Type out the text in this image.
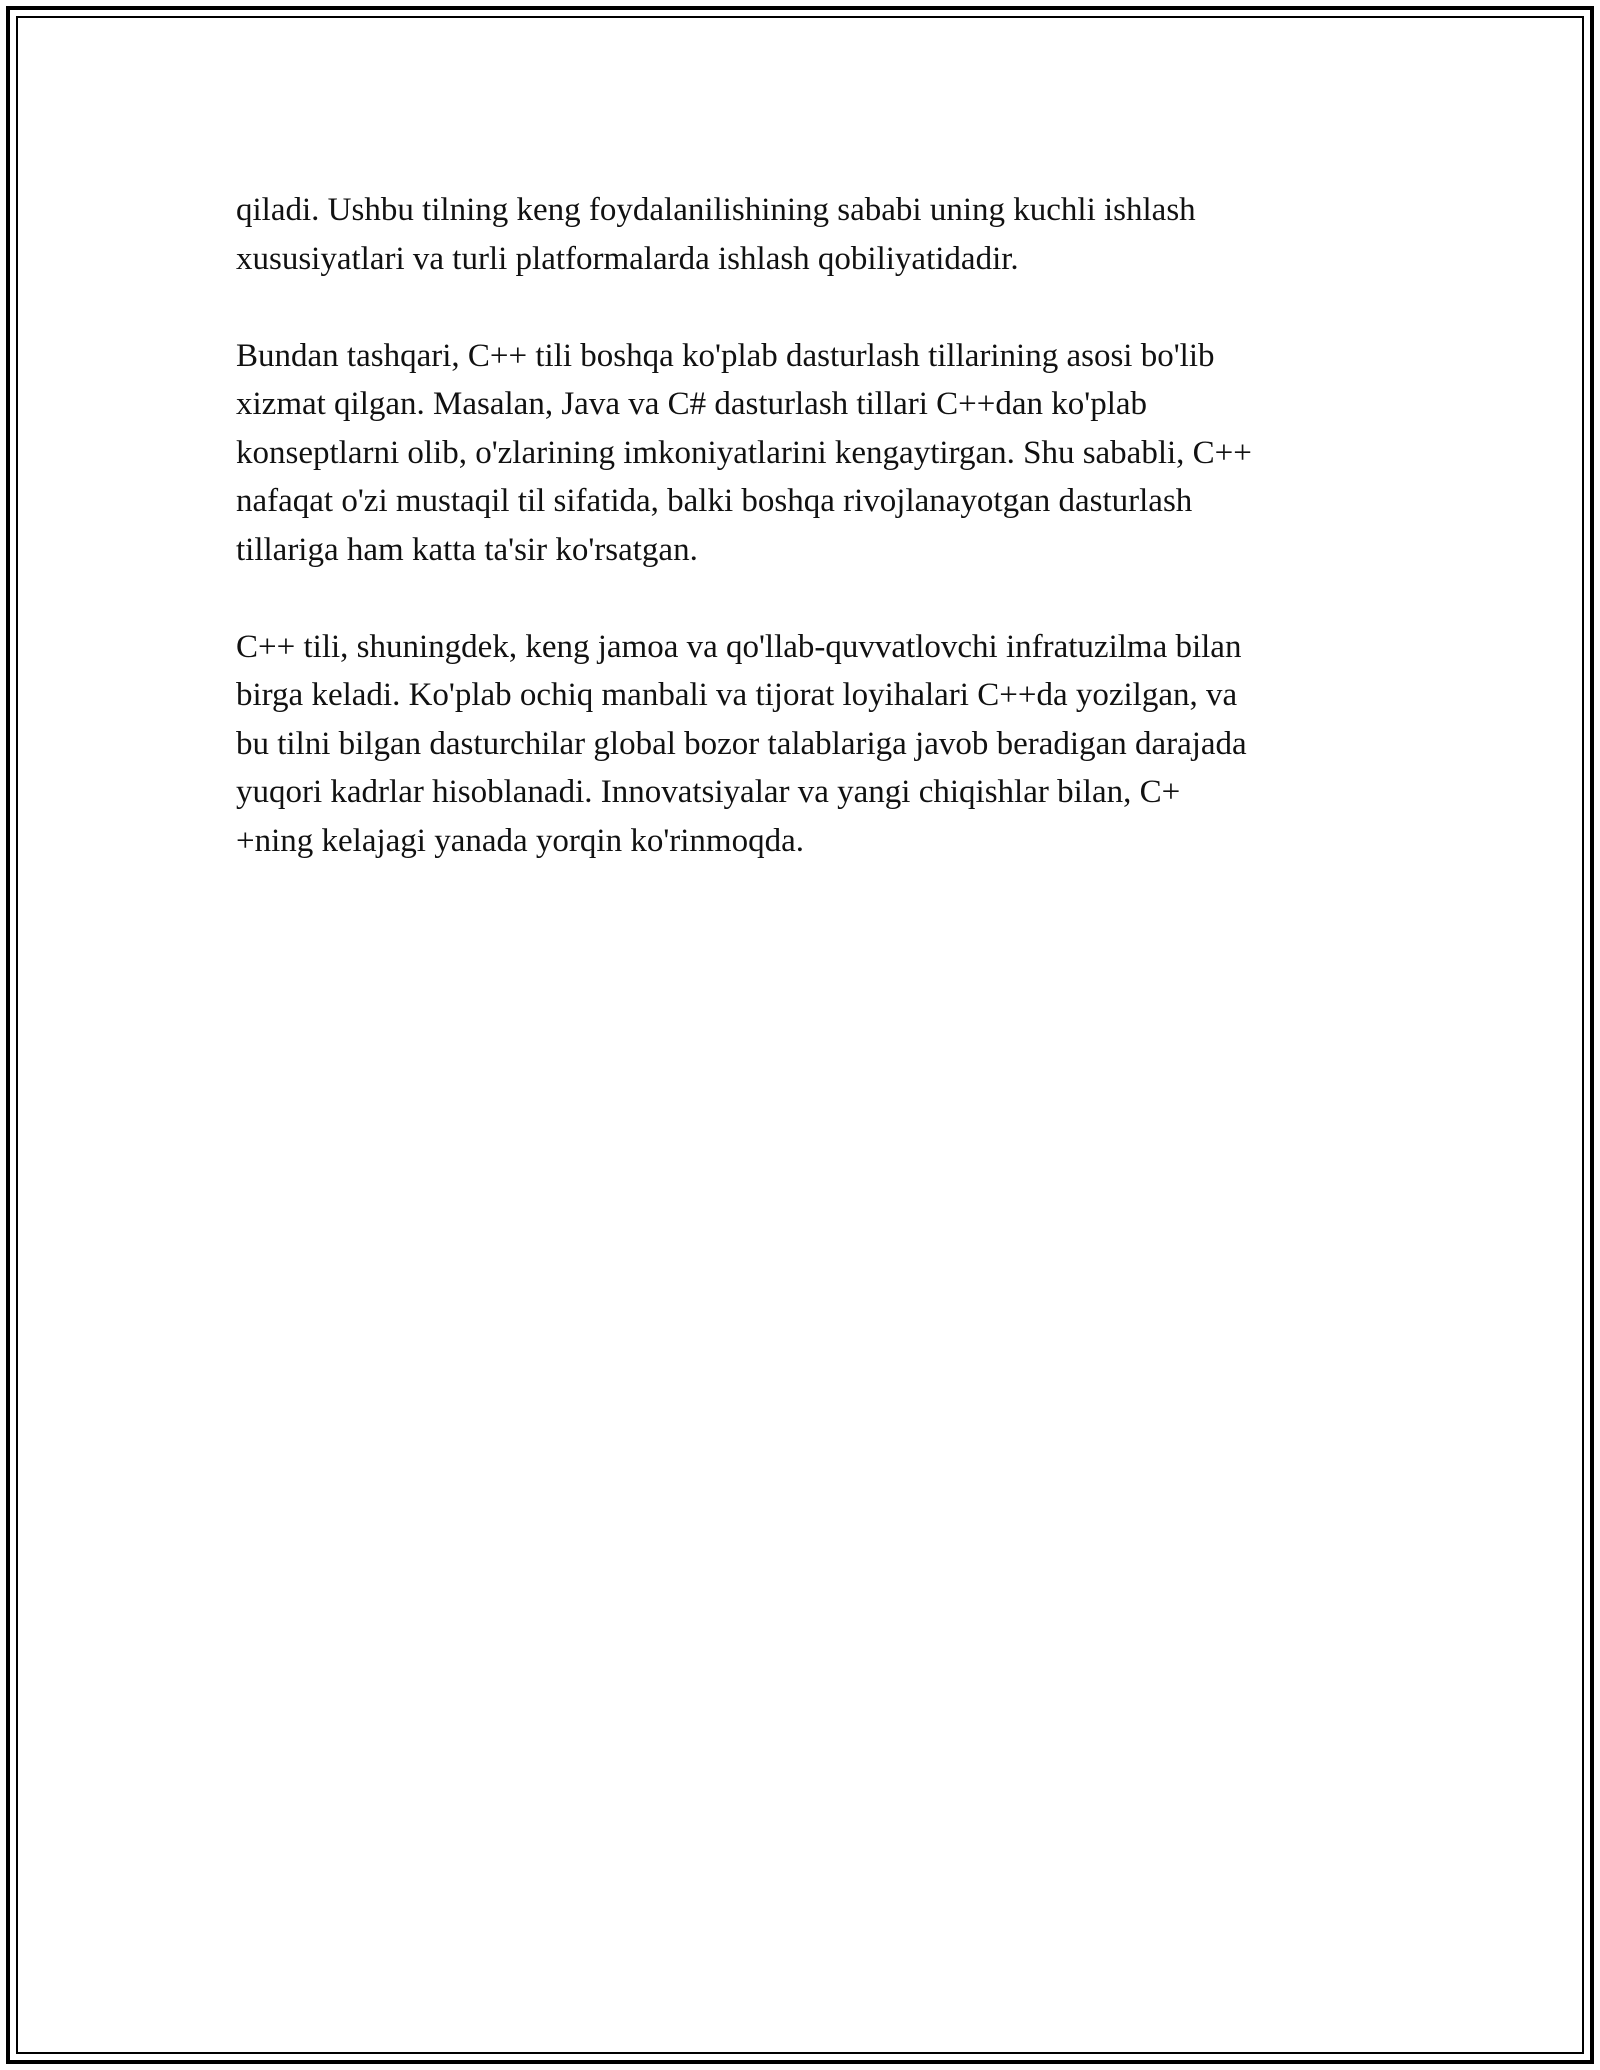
qiladi. Ushbu tilning keng foydalanilishining sababi uning kuchli ishlash
xususiyatlari va turli platformalarda ishlash qobiliyatidadir.

Bundan tashqari, C++ tili boshqa ko'plab dasturlash tillarining asosi bo'lib
xizmat qilgan. Masalan, Java va C# dasturlash tillari C++dan ko'plab
konseptlarni olib, o'zlarining imkoniyatlarini kengaytirgan. Shu sababli, C++
nafaqat o'zi mustaqil til sifatida, balki boshqa rivojlanayotgan dasturlash
tillariga ham katta ta'sir ko'rsatgan.

C++ tili, shuningdek, keng jamoa va qo'llab-quvvatlovchi infratuzilma bilan
birga keladi. Ko'plab ochiq manbali va tijorat loyihalari C++da yozilgan, va
bu tilni bilgan dasturchilar global bozor talablariga javob beradigan darajada
yuqori kadrlar hisoblanadi. Innovatsiyalar va yangi chiqishlar bilan, C+
+ning kelajagi yanada yorqin ko'rinmoqda.
